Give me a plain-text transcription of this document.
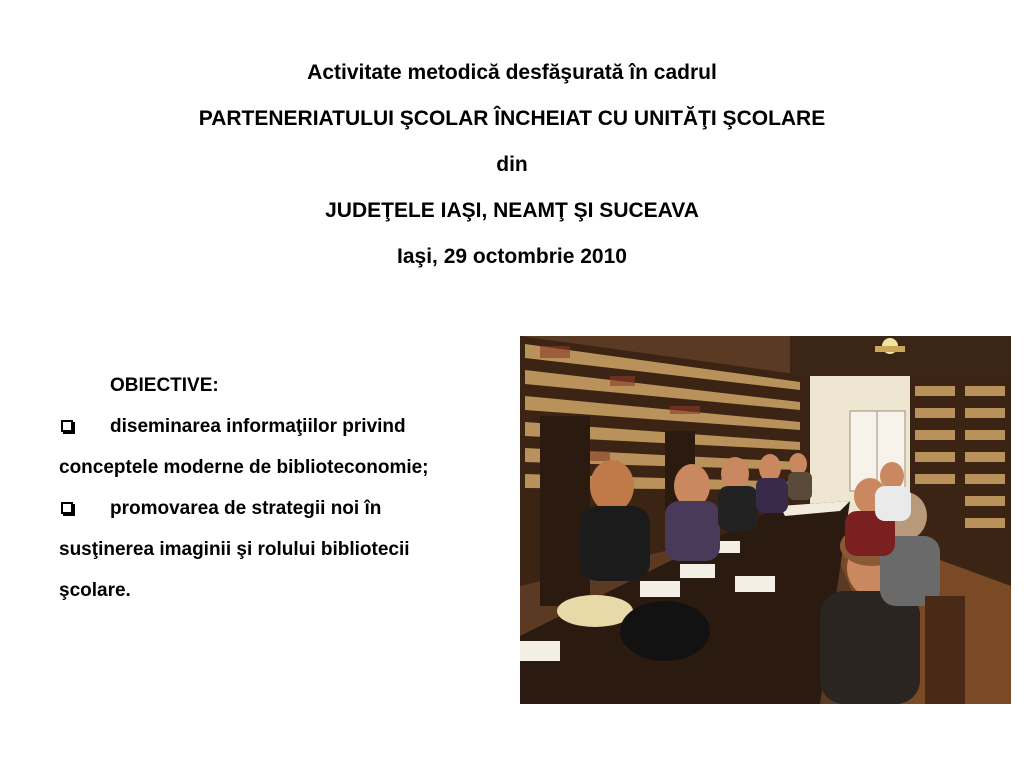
Activitate metodică desfăşurată în cadrul
PARTENERIATULUI ŞCOLAR ÎNCHEIAT CU UNITĂŢI ŞCOLARE
din
JUDEŢELE IAŞI, NEAMŢ ŞI SUCEAVA
Iaşi, 29 octombrie 2010
OBIECTIVE:
diseminarea informaţiilor privind
conceptele moderne de biblioteconomie;
promovarea de strategii noi în
susţinerea imaginii şi rolului bibliotecii
şcolare.
